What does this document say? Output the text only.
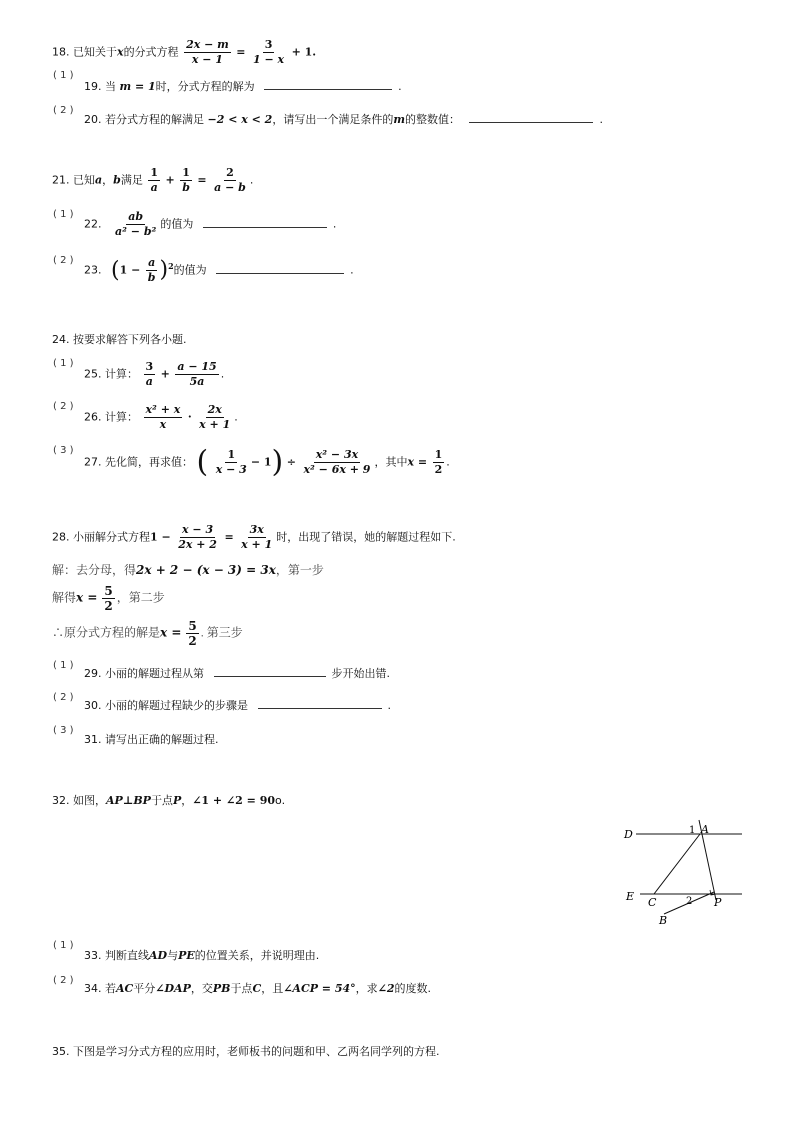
18. 已知关于x的分式方程 $\frac{2x - m}{x - 1} = \frac{3}{1 - x} + 1$.
( 1 )
19. 当 m = 1时，分式方程的解为	.
( 2 )
20. 若分式方程的解满足 −2 < x < 2，请写出一个满足条件的m的整数值：	.
21. 已知a，b满足 $\frac{1}{a} + \frac{1}{b} = \frac{2}{a - b}$ .
( 1 )
22. $\frac{ab}{\text{a² − b²}}$ 的值为	.
( 2 )
23. $(1 - \frac{a}{b} )^2$的值为	.
24. 按要求解答下列各小题.
( 1 )
25. 计算： $\frac{3}{a} + \frac{a - 15}{5a}$ .
( 2 )
26. 计算： $\frac{\text{x² + x}}{x} \cdot \frac{2x}{x + 1}$ .
( 3 )
27. 先化简，再求值： ( $\frac{1}{x - 3} - 1) \div \frac{\text{x² − 3x}}{\text{x² − 6x + 9}}$ ，其中$x = \frac{1}{2}$ .
28. 小丽解分式方程$1 - \frac{x - 3}{2x + 2} = \frac{3x}{x + 1}$ 时，出现了错误，她的解题过程如下.
解：去分母，得2x + 2 − (x − 3) = 3x，第一步
解得$x = \frac{5}{2}$ ，第二步
∴原分式方程的解是$x = \frac{5}{2}$ . 第三步
( 1 )
29. 小丽的解题过程从第	步开始出错.
( 2 )
30. 小丽的解题过程缺少的步骤是	.
( 3 )
31. 请写出正确的解题过程.
32. 如图，AP⊥BP于点P，∠1 + ∠2 = 90o.
D	A
1
E C	2 P
B
( 1 )
33. 判断直线AD与PE的位置关系，并说明理由.
( 2 )
34. 若AC平分∠DAP，交PB于点C，且∠ACP = 54°，求∠2的度数.
35. 下图是学习分式方程的应用时，老师板书的问题和甲、乙两名同学列的方程.
